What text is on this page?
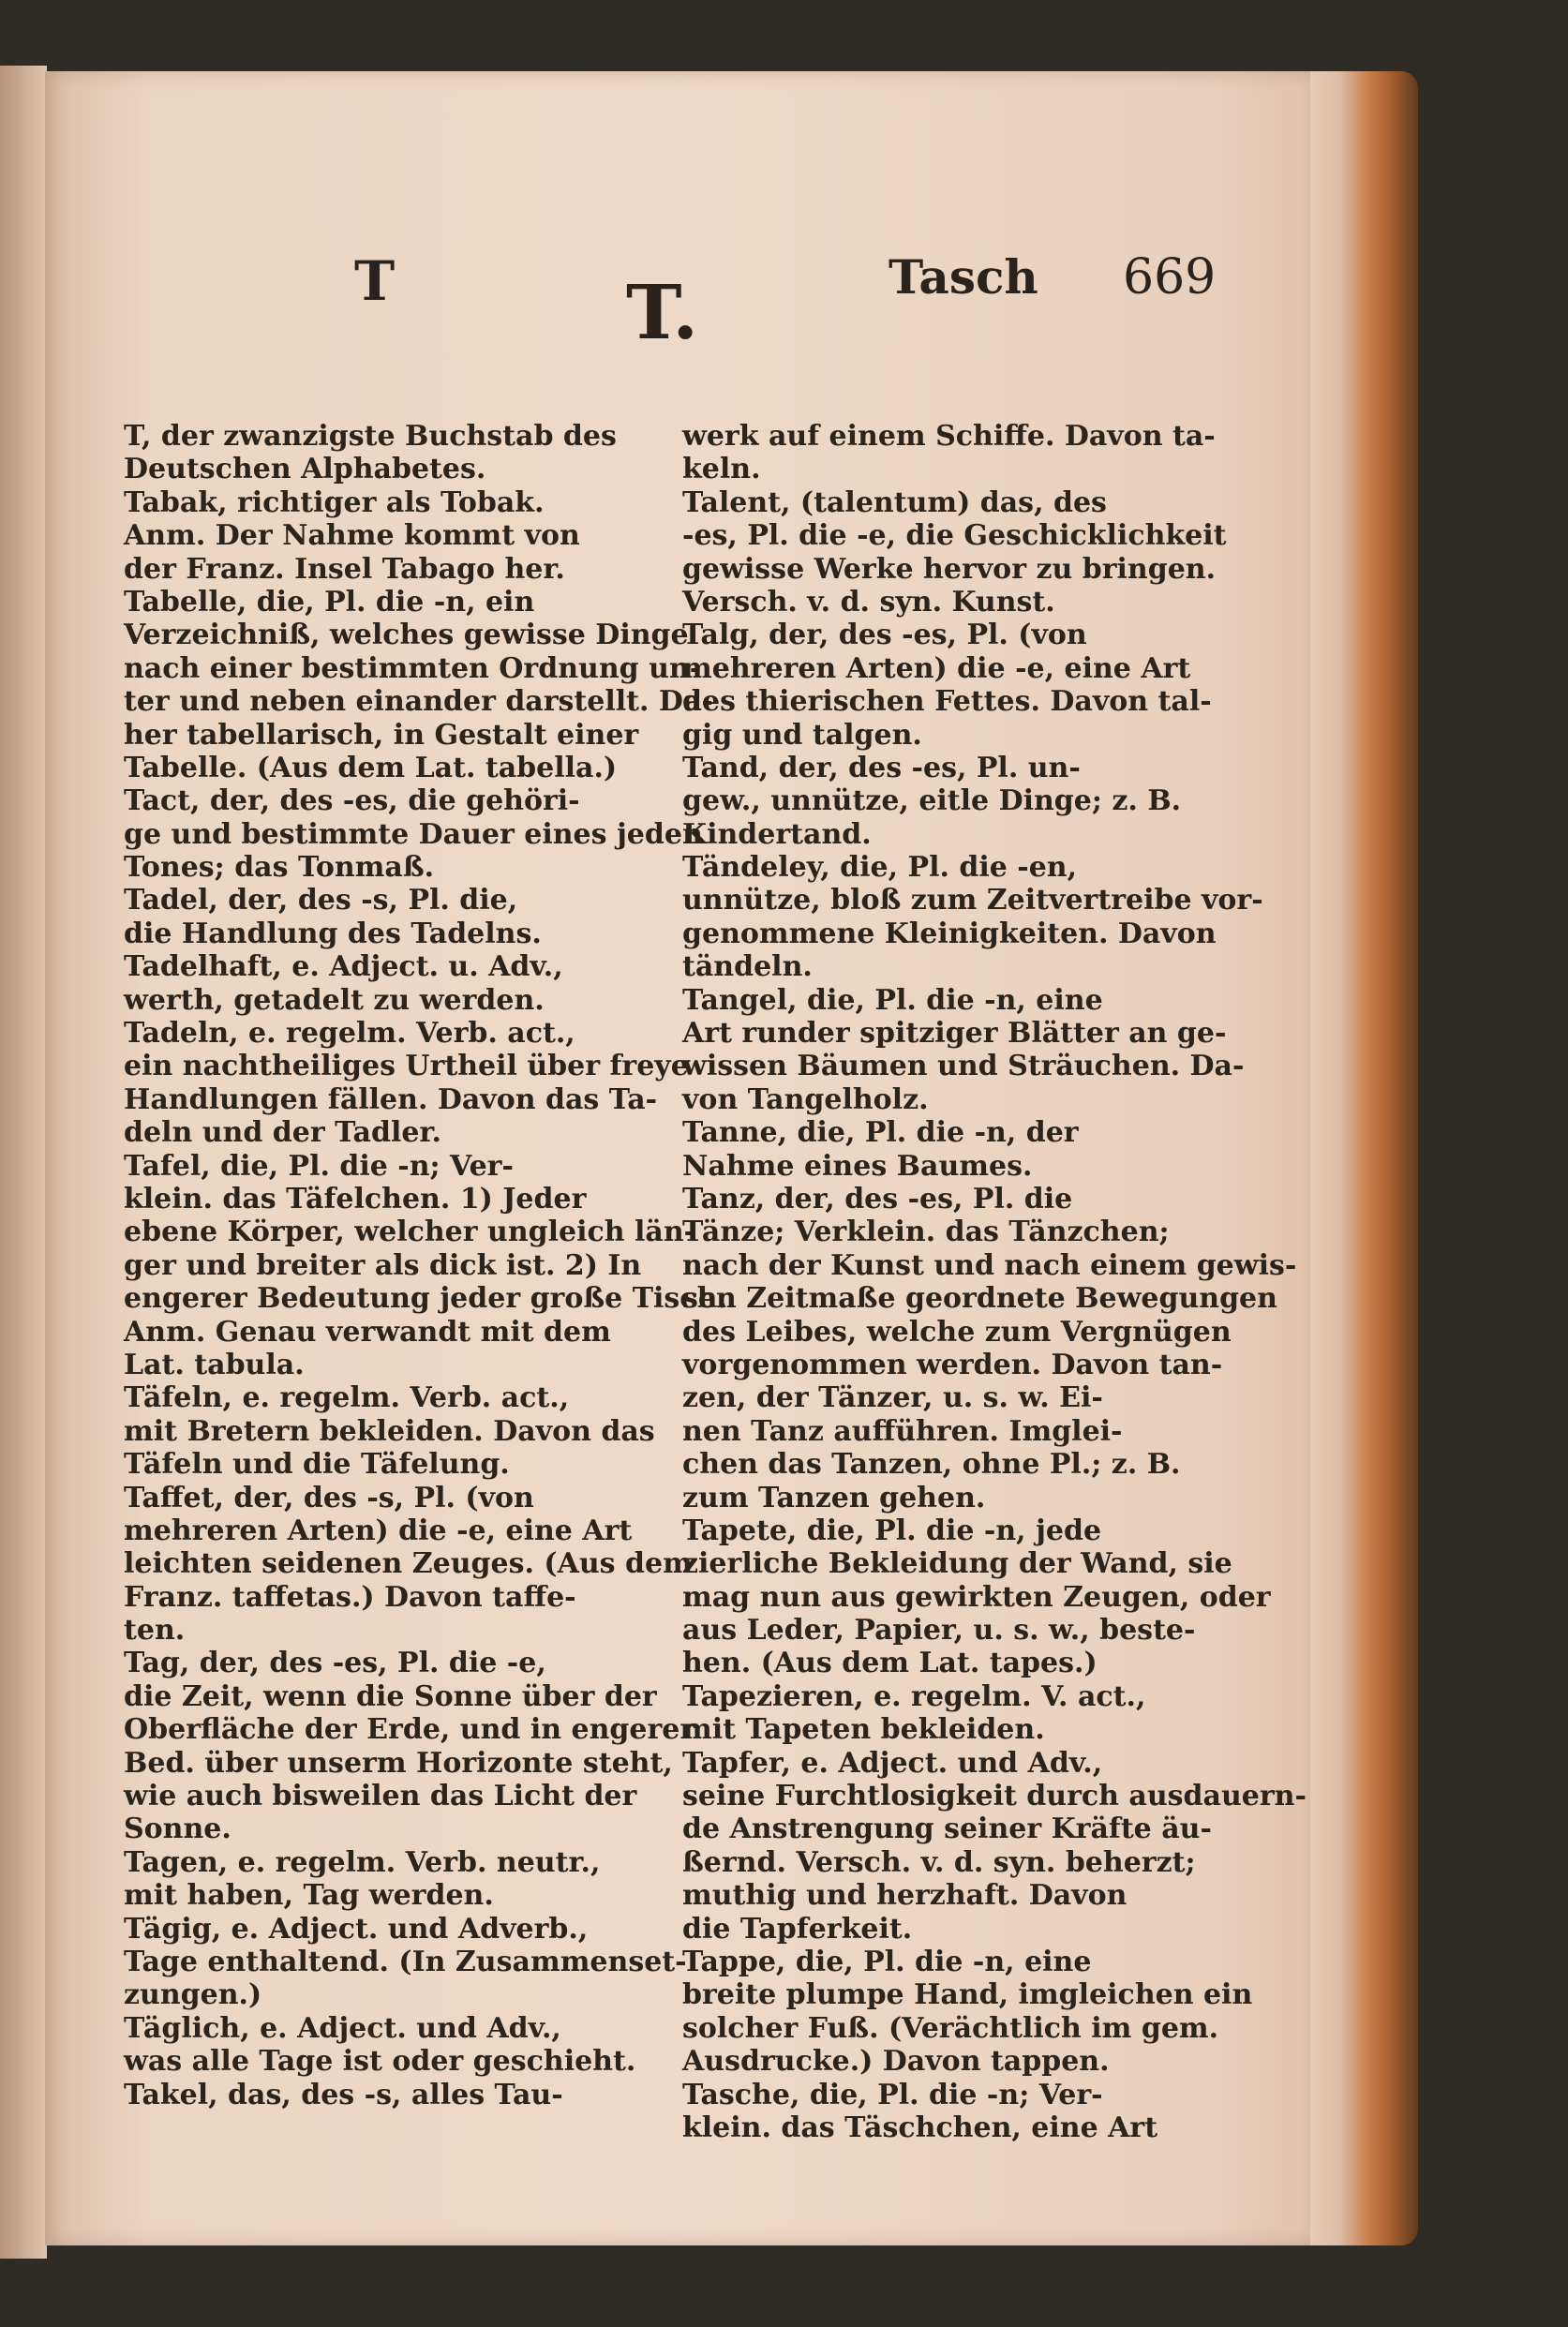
T	Tasch 669
T.
T, der zwanzigste Buchstab des
Deutschen Alphabetes.
Tabak, richtiger als Tobak.
Anm. Der Nahme kommt von
der Franz. Insel Tabago her.
Tabelle, die, Pl. die -n, ein
Verzeichniß, welches gewisse Dinge
nach einer bestimmten Ordnung un-
ter und neben einander darstellt. Da-
her tabellarisch, in Gestalt einer
Tabelle. (Aus dem Lat. tabella.)
Tact, der, des -es, die gehöri-
ge und bestimmte Dauer eines jeden
Tones; das Tonmaß.
Tadel, der, des -s, Pl. die,
die Handlung des Tadelns.
Tadelhaft, e. Adject. u. Adv.,
werth, getadelt zu werden.
Tadeln, e. regelm. Verb. act.,
ein nachtheiliges Urtheil über freye
Handlungen fällen. Davon das Ta-
deln und der Tadler.
Tafel, die, Pl. die -n; Ver-
klein. das Täfelchen. 1) Jeder
ebene Körper, welcher ungleich län-
ger und breiter als dick ist. 2) In
engerer Bedeutung jeder große Tisch.
Anm. Genau verwandt mit dem
Lat. tabula.
Täfeln, e. regelm. Verb. act.,
mit Bretern bekleiden. Davon das
Täfeln und die Täfelung.
Taffet, der, des -s, Pl. (von
mehreren Arten) die -e, eine Art
leichten seidenen Zeuges. (Aus dem
Franz. taffetas.) Davon taffe-
ten.
Tag, der, des -es, Pl. die -e,
die Zeit, wenn die Sonne über der
Oberfläche der Erde, und in engerer
Bed. über unserm Horizonte steht,
wie auch bisweilen das Licht der
Sonne.
Tagen, e. regelm. Verb. neutr.,
mit haben, Tag werden.
Tägig, e. Adject. und Adverb.,
Tage enthaltend. (In Zusammenset-
zungen.)
Täglich, e. Adject. und Adv.,
was alle Tage ist oder geschieht.
Takel, das, des -s, alles Tau-
werk auf einem Schiffe. Davon ta-
keln.
Talent, (talentum) das, des
-es, Pl. die -e, die Geschicklichkeit
gewisse Werke hervor zu bringen.
Versch. v. d. syn. Kunst.
Talg, der, des -es, Pl. (von
mehreren Arten) die -e, eine Art
des thierischen Fettes. Davon tal-
gig und talgen.
Tand, der, des -es, Pl. un-
gew., unnütze, eitle Dinge; z. B.
Kindertand.
Tändeley, die, Pl. die -en,
unnütze, bloß zum Zeitvertreibe vor-
genommene Kleinigkeiten. Davon
tändeln.
Tangel, die, Pl. die -n, eine
Art runder spitziger Blätter an ge-
wissen Bäumen und Sträuchen. Da-
von Tangelholz.
Tanne, die, Pl. die -n, der
Nahme eines Baumes.
Tanz, der, des -es, Pl. die
Tänze; Verklein. das Tänzchen;
nach der Kunst und nach einem gewis-
sen Zeitmaße geordnete Bewegungen
des Leibes, welche zum Vergnügen
vorgenommen werden. Davon tan-
zen, der Tänzer, u. s. w. Ei-
nen Tanz aufführen. Imglei-
chen das Tanzen, ohne Pl.; z. B.
zum Tanzen gehen.
Tapete, die, Pl. die -n, jede
zierliche Bekleidung der Wand, sie
mag nun aus gewirkten Zeugen, oder
aus Leder, Papier, u. s. w., beste-
hen. (Aus dem Lat. tapes.)
Tapezieren, e. regelm. V. act.,
mit Tapeten bekleiden.
Tapfer, e. Adject. und Adv.,
seine Furchtlosigkeit durch ausdauern-
de Anstrengung seiner Kräfte äu-
ßernd. Versch. v. d. syn. beherzt;
muthig und herzhaft. Davon
die Tapferkeit.
Tappe, die, Pl. die -n, eine
breite plumpe Hand, imgleichen ein
solcher Fuß. (Verächtlich im gem.
Ausdrucke.) Davon tappen.
Tasche, die, Pl. die -n; Ver-
klein. das Täschchen, eine Art
